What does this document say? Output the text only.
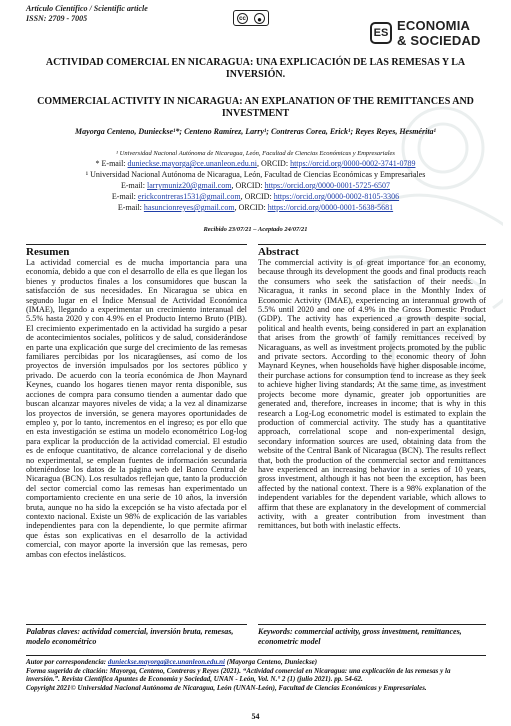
Artículo Científico / Scientific article
ISSN: 2709 - 7005	cc	●
ES ECONOMIA
& SOCIEDAD
ACTIVIDAD COMERCIAL EN NICARAGUA: UNA EXPLICACIÓN DE LAS REMESAS Y LA INVERSIÓN.
COMMERCIAL ACTIVITY IN NICARAGUA: AN EXPLANATION OF THE REMITTANCES AND INVESTMENT
Mayorga Centeno, Dunieckse¹*; Centeno Ramírez, Larry¹; Contreras Corea, Erick¹; Reyes Reyes, Hesmérita¹
¹ Universidad Nacional Autónoma de Nicaragua, León, Facultad de Ciencias Económicas y Empresariales
* E-mail: dunieckse.mayorga@ce.unanleon.edu.ni, ORCID: https://orcid.org/0000-0002-3741-0789
¹ Universidad Nacional Autónoma de Nicaragua, León, Facultad de Ciencias Económicas y Empresariales
E-mail: larrymuniz20@gmail.com, ORCID: https://orcid.org/0000-0001-5725-6507
E-mail: erickcontreras1531@gmail.com, ORCID: https://orcid.org/0000-0002-8105-3306
E-mail: hasuncionreyes@gmail.com, ORCID: https://orcid.org/0000-0001-5638-5681
Recibido 23/07/21 – Aceptado 24/07/21
Resumen

La actividad comercial es de mucha importancia para una economía, debido a que con el desarrollo de ella es que llegan los bienes y productos finales a los consumidores que buscan la satisfacción de sus necesidades. En Nicaragua se ubica en segundo lugar en el Índice Mensual de Actividad Económica (IMAE), llegando a experimentar un crecimiento interanual del 5.5% hasta 2020 y con 4.9% en el Producto Interno Bruto (PIB). El crecimiento experimentado en la actividad ha surgido a pesar de acontecimientos sociales, políticos y de salud, considerándose en parte una explicación que surge del crecimiento de las remesas familiares percibidas por los nicaragüenses, así como de los proyectos de inversión impulsados por los sectores público y privado. De acuerdo con la teoría económica de Jhon Maynard Keynes, cuando los hogares tienen mayor renta disponible, sus acciones de compra para consumo tienden a aumentar dado que buscan alcanzar mayores niveles de vida; a la vez al dinamizarse los proyectos de inversión, se genera mayores oportunidades de empleo y, por lo tanto, incrementos en el ingreso; es por ello que en esta investigación se estima un modelo econométrico Log-log para explicar la producción de la actividad comercial. El estudio es de enfoque cuantitativo, de alcance correlacional y de diseño no experimental, se emplean fuentes de información secundaria obteniéndose los datos de la página web del Banco Central de Nicaragua (BCN). Los resultados reflejan que, tanto la producción del sector comercial como las remesas han experimentado un comportamiento creciente en una serie de 10 años, la inversión bruta, aunque no ha sido la excepción se ha visto afectada por el contexto nacional. Existe un 98% de explicación de las variables independientes para con la dependiente, lo que permite afirmar que éstas son explicativas en el desarrollo de la actividad comercial, con mayor aporte la inversión que las remesas, pero ambas con efectos inelásticos.

Palabras claves: actividad comercial, inversión bruta, remesas, modelo econométrico
Abstract

The commercial activity is of great importance for an economy, because through its development the goods and final products reach the consumers who seek the satisfaction of their needs. In Nicaragua, it ranks in second place in the Monthly Index of Economic Activity (IMAE), experiencing an interannual growth of 5.5% until 2020 and one of 4.9% in the Gross Domestic Product (GDP). The activity has experienced a growth despite social, political and health events, being considered in part an explanation that arises from the growth of family remittances received by Nicaraguans, as well as investment projects promoted by the public and private sectors. According to the economic theory of John Maynard Keynes, when households have higher disposable income, their purchase actions for consumption tend to increase as they seek to achieve higher living standards; At the same time, as investment projects become more dynamic, greater job opportunities are generated and, therefore, increases in income; that is why in this research a Log-Log econometric model is estimated to explain the production of commercial activity. The study has a quantitative approach, correlational scope and non-experimental design, secondary information sources are used, obtaining data from the website of the Central Bank of Nicaragua (BCN). The results reflect that, both the production of the commercial sector and remittances have experienced an increasing behavior in a series of 10 years, gross investment, although it has not been the exception, has been affected by the national context. There is a 98% explanation of the independent variables for the dependent variable, which allows to affirm that these are explanatory in the development of commercial activity, with a greater contribution from investment than remittances, but both with inelastic effects.

Keywords: commercial activity, gross investment, remittances, econometric model
Autor por correspondencia: dunieckse.mayorga@ce.unanleon.edu.ni (Mayorga Centeno, Dunieckse)
Forma sugerida de citación: Mayorga, Centeno, Contreras y Reyes (2021). “Actividad comercial en Nicaragua: una explicación de las remesas y la inversión.”. Revista Científica Apuntes de Economía y Sociedad, UNAN - León, Vol. N.° 2 (1) (julio 2021). pp. 54-62.
Copyright 2021© Universidad Nacional Autónoma de Nicaragua, León (UNAN-León), Facultad de Ciencias Económicas y Empresariales.
54
